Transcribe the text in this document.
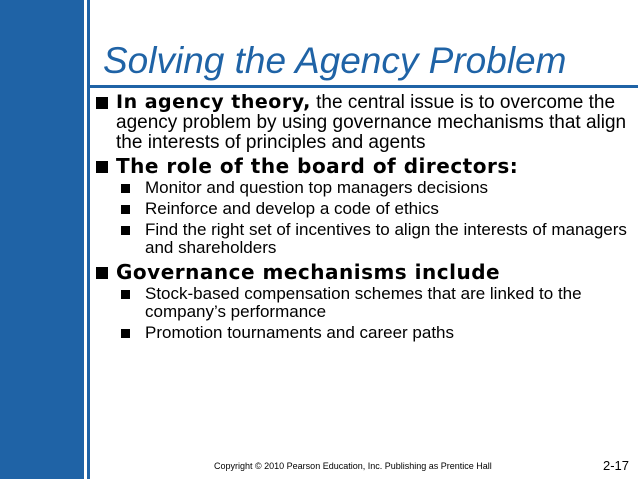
Solving the Agency Problem
In agency theory, the central issue is to overcome the agency problem by using governance mechanisms that align the interests of principles and agents
The role of the board of directors:
Monitor and question top managers decisions
Reinforce and develop a code of ethics
Find the right set of incentives to align the interests of managers and shareholders
Governance mechanisms include
Stock-based compensation schemes that are linked to the company’s performance
Promotion tournaments and career paths
Copyright © 2010 Pearson Education, Inc. Publishing as Prentice Hall	2-17
